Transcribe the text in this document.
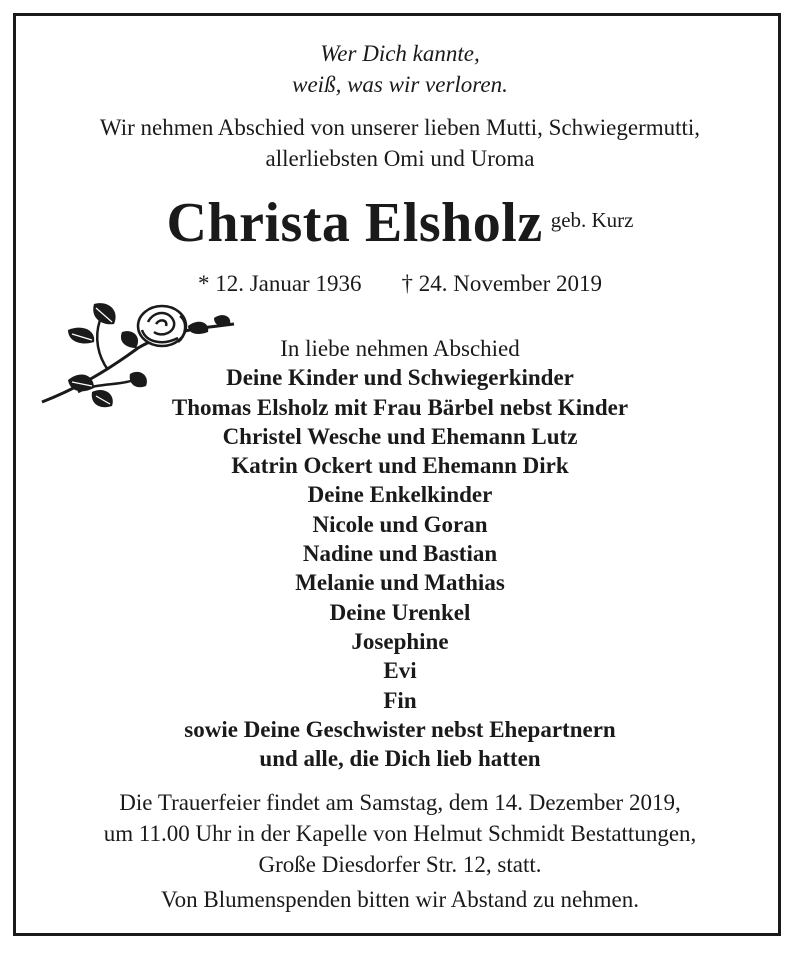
Wer Dich kannte,
weiß, was wir verloren.
Wir nehmen Abschied von unserer lieben Mutti, Schwiegermutti,
allerliebsten Omi und Uroma
Christa Elsholz geb. Kurz
* 12. Januar 1936 † 24. November 2019
In liebe nehmen Abschied
Deine Kinder und Schwiegerkinder
Thomas Elsholz mit Frau Bärbel nebst Kinder
Christel Wesche und Ehemann Lutz
Katrin Ockert und Ehemann Dirk
Deine Enkelkinder
Nicole und Goran
Nadine und Bastian
Melanie und Mathias
Deine Urenkel
Josephine
Evi
Fin
sowie Deine Geschwister nebst Ehepartnern
und alle, die Dich lieb hatten
Die Trauerfeier findet am Samstag, dem 14. Dezember 2019,
um 11.00 Uhr in der Kapelle von Helmut Schmidt Bestattungen,
Große Diesdorfer Str. 12, statt.
Von Blumenspenden bitten wir Abstand zu nehmen.
